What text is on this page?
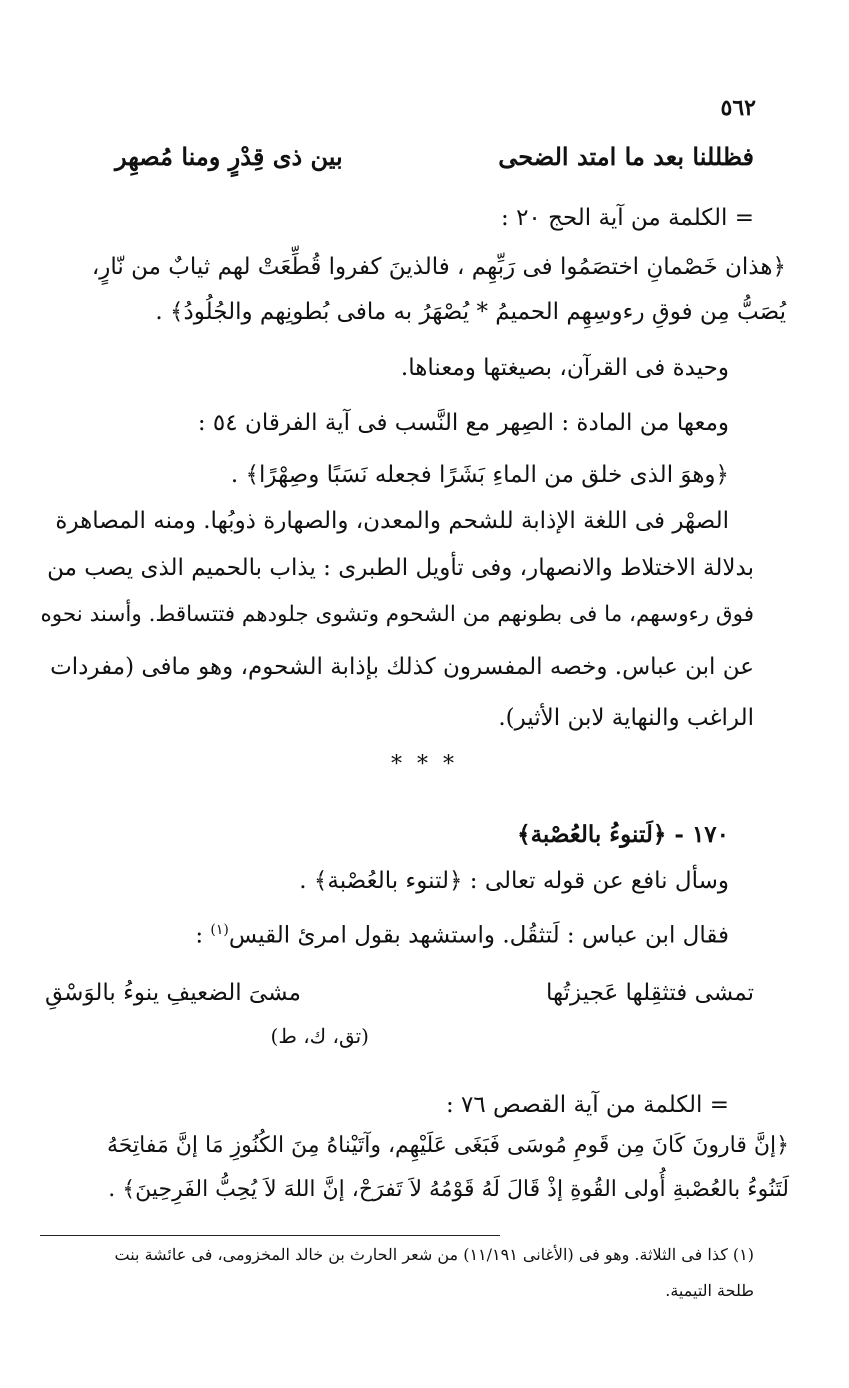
٥٦٢
فظللنا بعد ما امتد الضحى
بين ذى قِدْرٍ ومنا مُصهِر
= الكلمة من آية الحج ٢٠ :
﴿هذان خَصْمانِ اختصَمُوا فى رَبِّهِم ، فالذينَ كفروا قُطِّعَتْ لهم ثيابٌ من نّارٍ،
يُصَبُّ مِن فوقِ رءوسِهِم الحميمُ * يُصْهَرُ به مافى بُطونِهم والجُلُودُ﴾ .
وحيدة فى القرآن، بصيغتها ومعناها.
ومعها من المادة : الصِهر مع النَّسب فى آية الفرقان ٥٤ :
﴿وهوَ الذى خلق من الماءِ بَشَرًا فجعله نَسَبًا وصِهْرًا﴾ .
الصهْر فى اللغة الإذابة للشحم والمعدن، والصهارة ذوبُها. ومنه المصاهرة
بدلالة الاختلاط والانصهار، وفى تأويل الطبرى : يذاب بالحميم الذى يصب من
فوق رءوسهم، ما فى بطونهم من الشحوم وتشوى جلودهم فتتساقط. وأسند نحوه
عن ابن عباس. وخصه المفسرون كذلك بإذابة الشحوم، وهو مافى (مفردات
الراغب والنهاية لابن الأثير).
* * *
١٧٠ - ﴿لَتنوءُ بالعُصْبة﴾
وسأل نافع عن قوله تعالى : ﴿لتنوء بالعُصْبة﴾ .
فقال ابن عباس : لَتثقُل. واستشهد بقول امرئ القيس$^{(١)}$ :
تمشى فتثقِلها عَجيزتُها
مشىَ الضعيفِ ينوءُ بالوَسْقِ
(تق، ك، ط)
= الكلمة من آية القصص ٧٦ :
﴿إنَّ قارونَ كَانَ مِن قَومِ مُوسَى فَبَغَى عَلَيْهِم، وآتَيْناهُ مِنَ الكُنُوزِ مَا إنَّ مَفاتِحَهُ
لَتَنُوءُ بالعُصْبةِ أُولى القُوةِ إذْ قَالَ لَهُ قَوْمُهُ لاَ تَفرَحْ، إنَّ اللهَ لاَ يُحِبُّ الفَرِحِينَ﴾ .
(١) كذا فى الثلاثة. وهو فى (الأغانى ١١/١٩١) من شعر الحارث بن خالد المخزومى، فى عائشة بنت
طلحة التيمية.
